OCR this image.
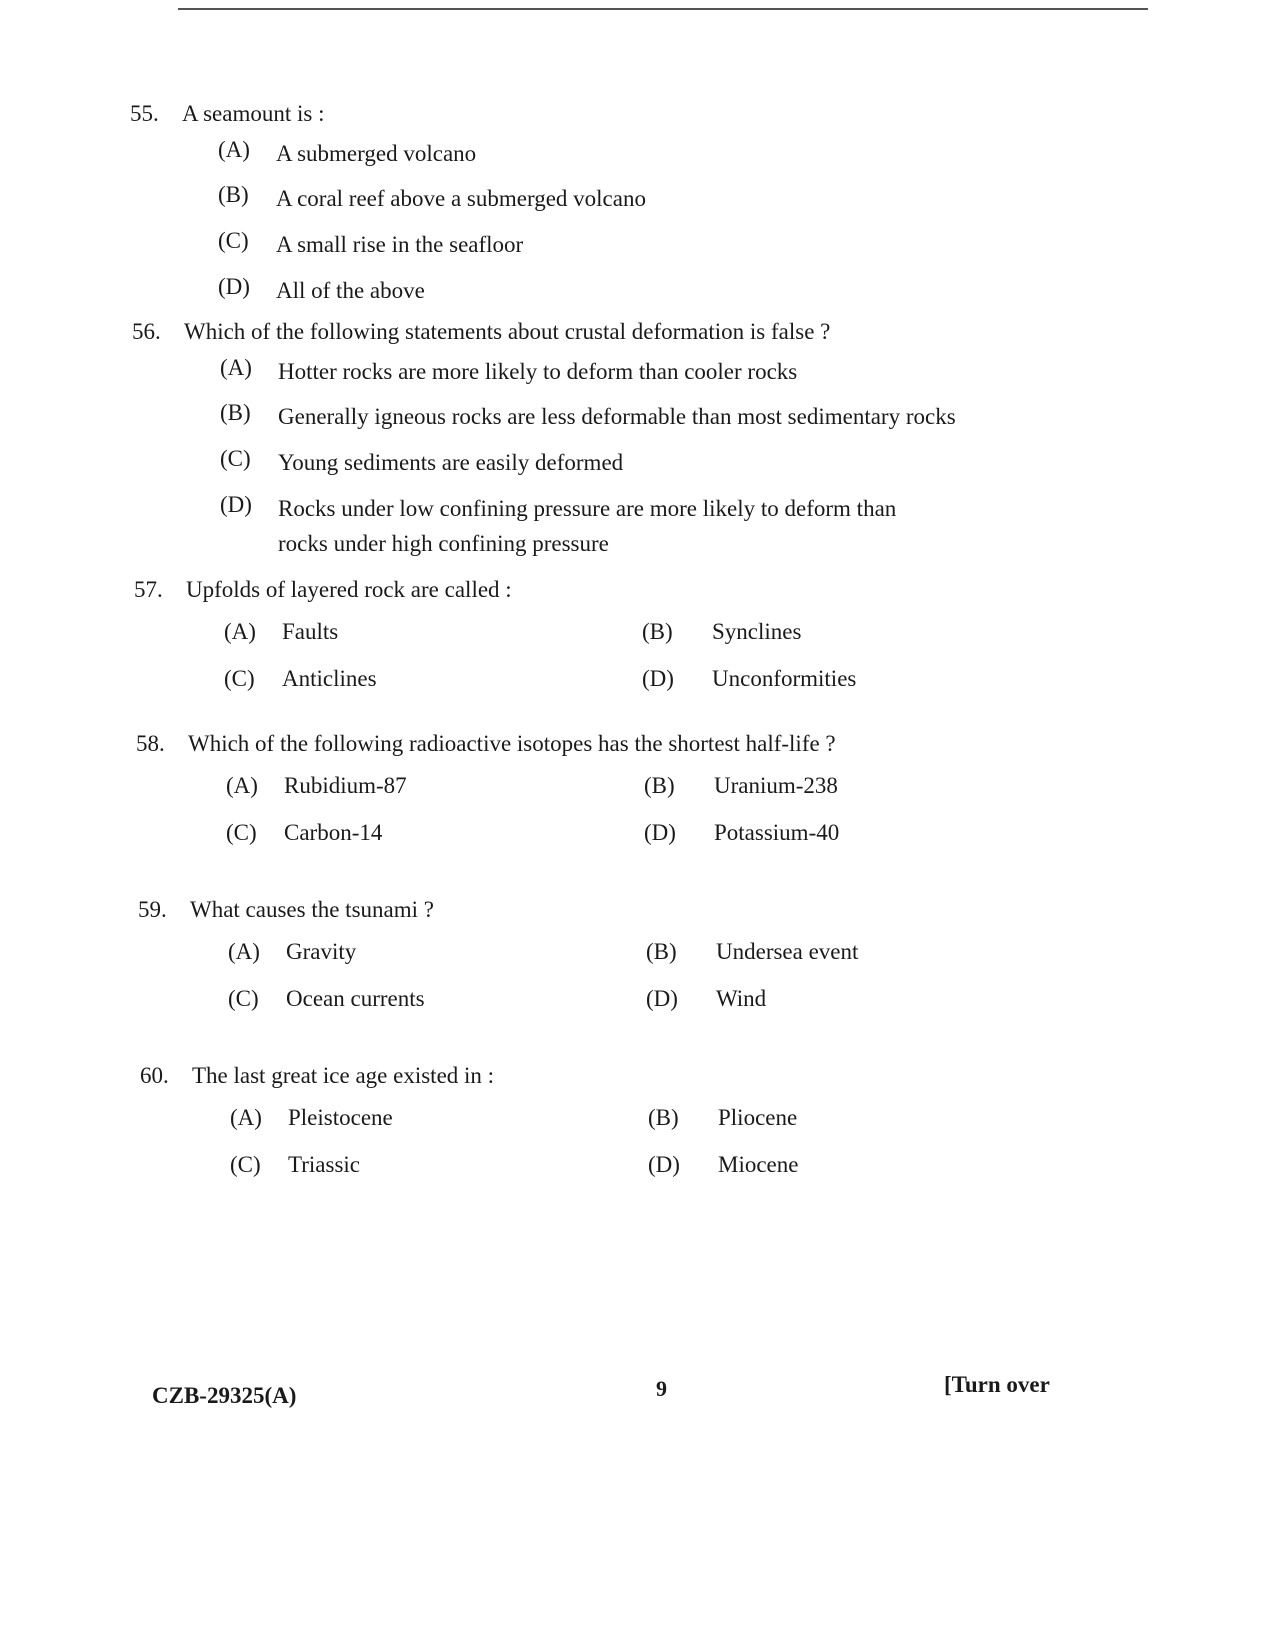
55.	A seamount is :
(A)	A submerged volcano
(B)	A coral reef above a submerged volcano
(C)	A small rise in the seafloor
(D)	All of the above
56.	Which of the following statements about crustal deformation is false ?
(A)	Hotter rocks are more likely to deform than cooler rocks
(B)	Generally igneous rocks are less deformable than most sedimentary rocks
(C)	Young sediments are easily deformed
(D)	Rocks under low confining pressure are more likely to deform than rocks under high confining pressure
57.	Upfolds of layered rock are called :
(A)	Faults	(B)	Synclines
(C)	Anticlines	(D)	Unconformities
58.	Which of the following radioactive isotopes has the shortest half-life ?
(A)	Rubidium-87	(B)	Uranium-238
(C)	Carbon-14	(D)	Potassium-40
59.	What causes the tsunami ?
(A)	Gravity	(B)	Undersea event
(C)	Ocean currents	(D)	Wind
60.	The last great ice age existed in :
(A)	Pleistocene	(B)	Pliocene
(C)	Triassic	(D)	Miocene
CZB-29325(A)	9	[Turn over
